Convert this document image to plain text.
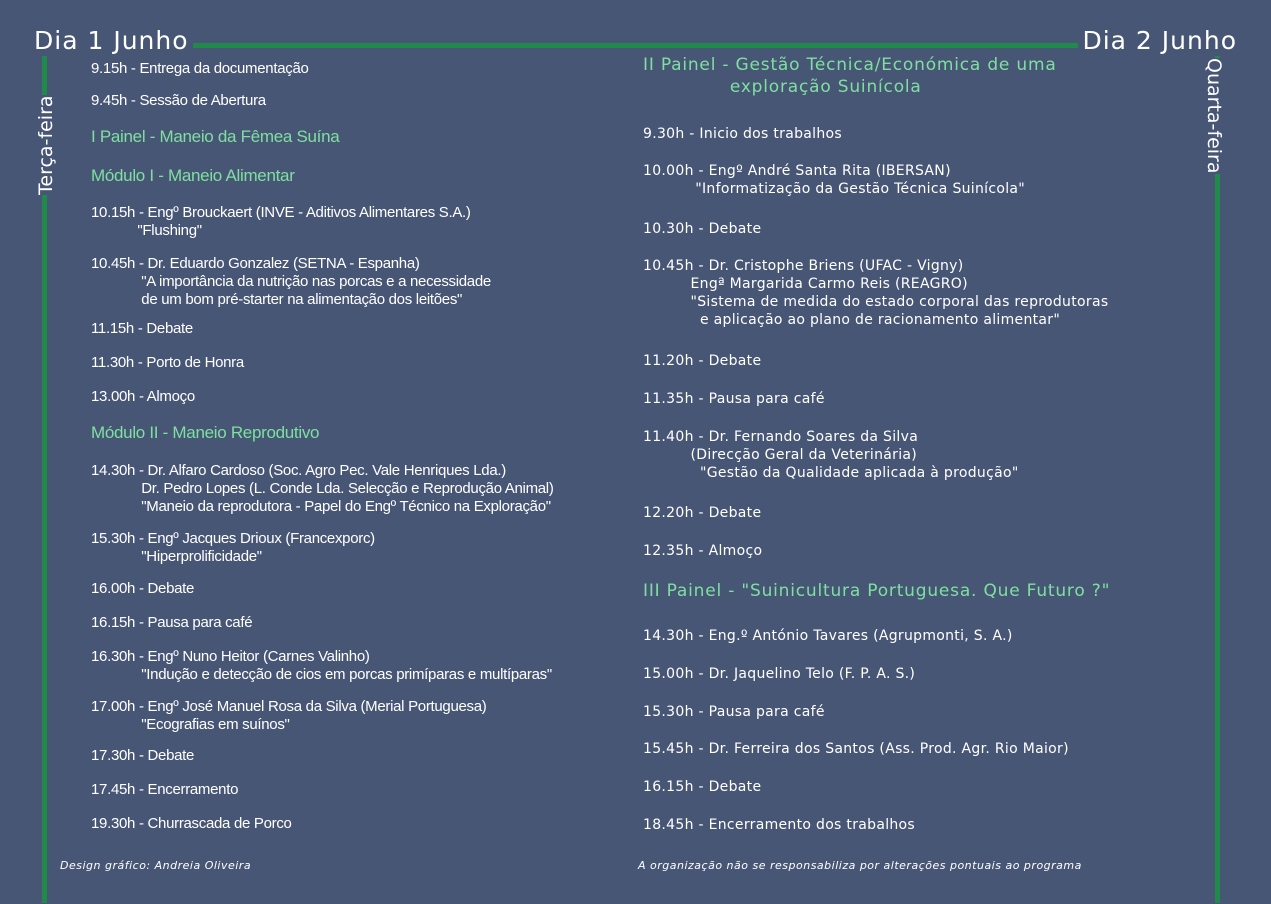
Dia 1 Junho	Dia 2 Junho
Terça-feira	Quarta-feira
9.15h - Entrega da documentação
9.45h - Sessão de Abertura
I Painel - Maneio da Fêmea Suína
Módulo I - Maneio Alimentar
10.15h - Engº Brouckaert (INVE - Aditivos Alimentares S.A.)
"Flushing"
10.45h - Dr. Eduardo Gonzalez (SETNA - Espanha)
"A importância da nutrição nas porcas e a necessidade
de um bom pré-starter na alimentação dos leitões"
11.15h - Debate
11.30h - Porto de Honra
13.00h - Almoço
Módulo II - Maneio Reprodutivo
14.30h - Dr. Alfaro Cardoso (Soc. Agro Pec. Vale Henriques Lda.)
Dr. Pedro Lopes (L. Conde Lda. Selecção e Reprodução Animal)
"Maneio da reprodutora - Papel do Engº Técnico na Exploração"
15.30h - Engº Jacques Drioux (Francexporc)
"Hiperprolificidade"
16.00h - Debate
16.15h - Pausa para café
16.30h - Engº Nuno Heitor (Carnes Valinho)
"Indução e detecção de cios em porcas primíparas e multíparas"
17.00h - Engº José Manuel Rosa da Silva (Merial Portuguesa)
"Ecografias em suínos"
17.30h - Debate
17.45h - Encerramento
19.30h - Churrascada de Porco
II Painel - Gestão Técnica/Económica de uma
exploração Suinícola
9.30h - Inicio dos trabalhos
10.00h - Engº André Santa Rita (IBERSAN)
"Informatização da Gestão Técnica Suinícola"
10.30h - Debate
10.45h - Dr. Cristophe Briens (UFAC - Vigny)
Engª Margarida Carmo Reis (REAGRO)
"Sistema de medida do estado corporal das reprodutoras
e aplicação ao plano de racionamento alimentar"
11.20h - Debate
11.35h - Pausa para café
11.40h - Dr. Fernando Soares da Silva
(Direcção Geral da Veterinária)
"Gestão da Qualidade aplicada à produção"
12.20h - Debate
12.35h - Almoço
III Painel - "Suinicultura Portuguesa. Que Futuro ?"
14.30h - Eng.º António Tavares (Agrupmonti, S. A.)
15.00h - Dr. Jaquelino Telo (F. P. A. S.)
15.30h - Pausa para café
15.45h - Dr. Ferreira dos Santos (Ass. Prod. Agr. Rio Maior)
16.15h - Debate
18.45h - Encerramento dos trabalhos
Design gráfico: Andreia Oliveira	A organização não se responsabiliza por alterações pontuais ao programa
